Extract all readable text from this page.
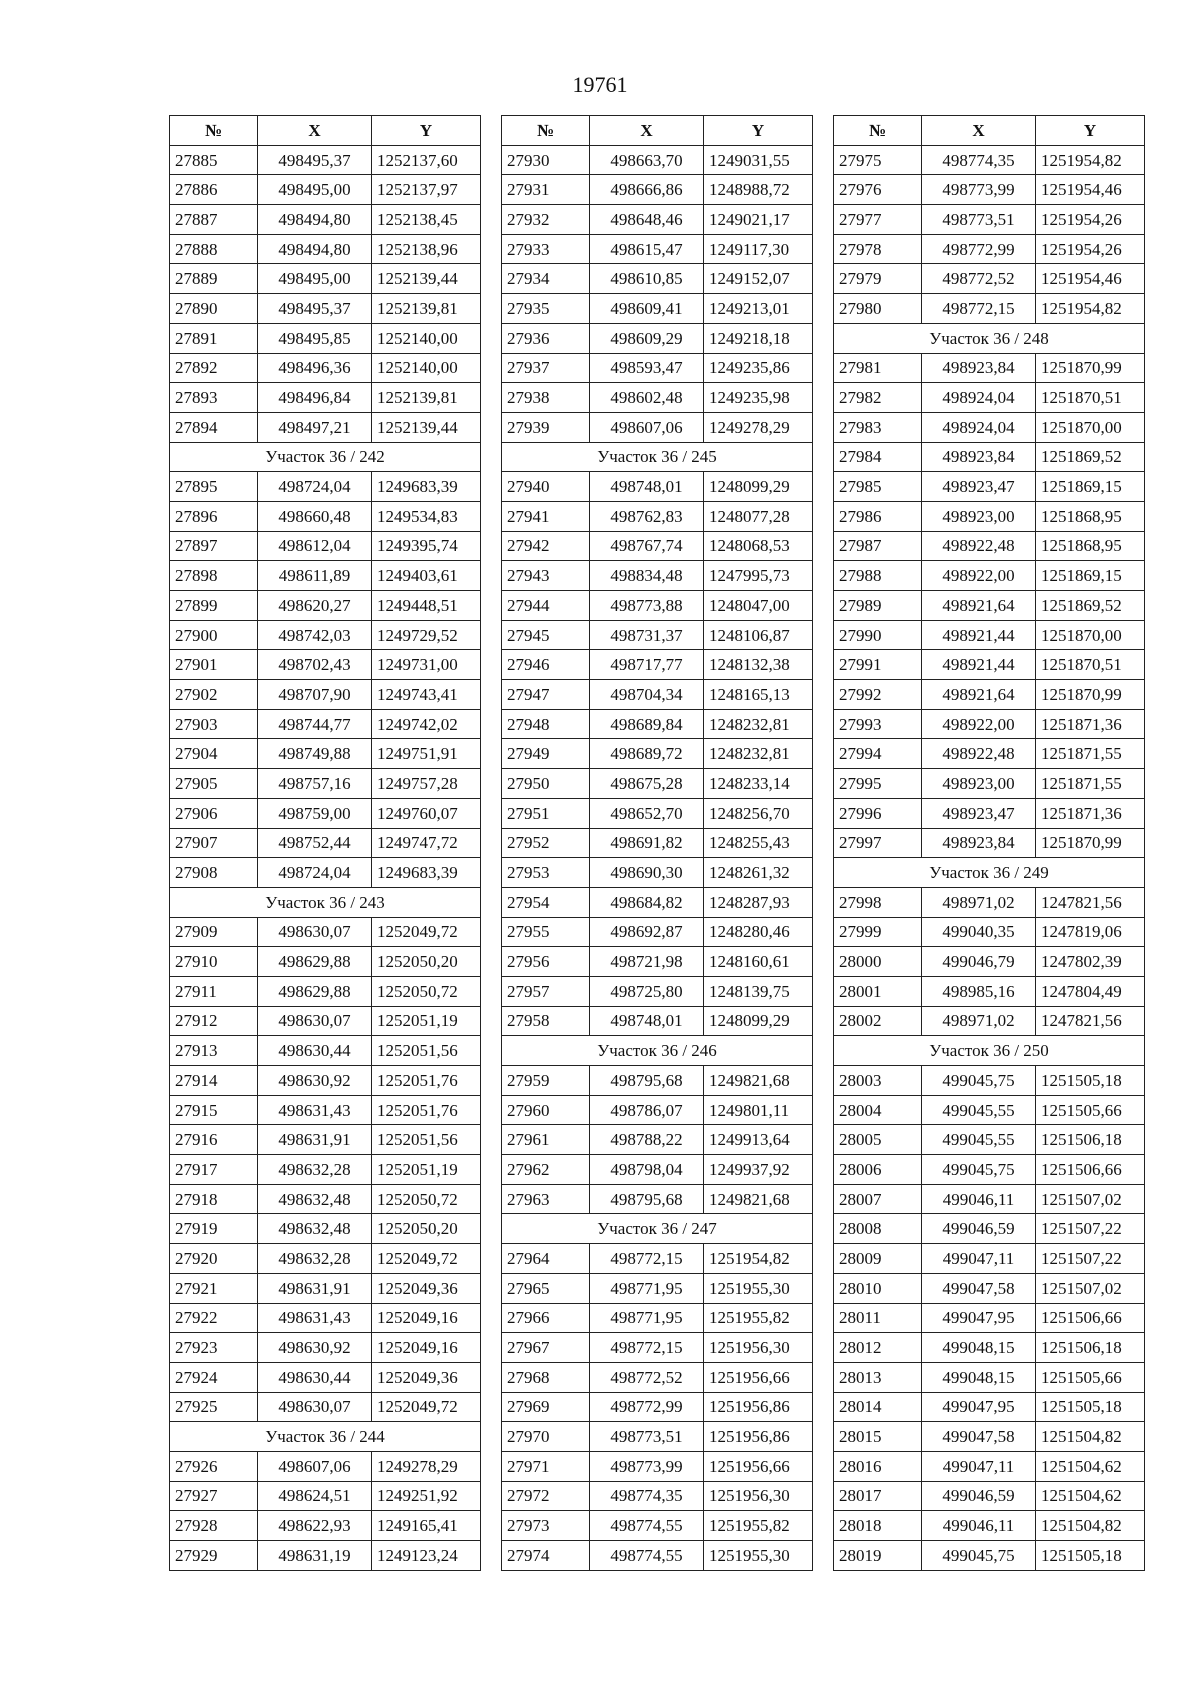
19761
№	X	Y
27885	498495,37	1252137,60
27886	498495,00	1252137,97
27887	498494,80	1252138,45
27888	498494,80	1252138,96
27889	498495,00	1252139,44
27890	498495,37	1252139,81
27891	498495,85	1252140,00
27892	498496,36	1252140,00
27893	498496,84	1252139,81
27894	498497,21	1252139,44
Участок 36 / 242		
27895	498724,04	1249683,39
27896	498660,48	1249534,83
27897	498612,04	1249395,74
27898	498611,89	1249403,61
27899	498620,27	1249448,51
27900	498742,03	1249729,52
27901	498702,43	1249731,00
27902	498707,90	1249743,41
27903	498744,77	1249742,02
27904	498749,88	1249751,91
27905	498757,16	1249757,28
27906	498759,00	1249760,07
27907	498752,44	1249747,72
27908	498724,04	1249683,39
Участок 36 / 243		
27909	498630,07	1252049,72
27910	498629,88	1252050,20
27911	498629,88	1252050,72
27912	498630,07	1252051,19
27913	498630,44	1252051,56
27914	498630,92	1252051,76
27915	498631,43	1252051,76
27916	498631,91	1252051,56
27917	498632,28	1252051,19
27918	498632,48	1252050,72
27919	498632,48	1252050,20
27920	498632,28	1252049,72
27921	498631,91	1252049,36
27922	498631,43	1252049,16
27923	498630,92	1252049,16
27924	498630,44	1252049,36
27925	498630,07	1252049,72
Участок 36 / 244		
27926	498607,06	1249278,29
27927	498624,51	1249251,92
27928	498622,93	1249165,41
27929	498631,19	1249123,24
№	X	Y
27930	498663,70	1249031,55
27931	498666,86	1248988,72
27932	498648,46	1249021,17
27933	498615,47	1249117,30
27934	498610,85	1249152,07
27935	498609,41	1249213,01
27936	498609,29	1249218,18
27937	498593,47	1249235,86
27938	498602,48	1249235,98
27939	498607,06	1249278,29
Участок 36 / 245		
27940	498748,01	1248099,29
27941	498762,83	1248077,28
27942	498767,74	1248068,53
27943	498834,48	1247995,73
27944	498773,88	1248047,00
27945	498731,37	1248106,87
27946	498717,77	1248132,38
27947	498704,34	1248165,13
27948	498689,84	1248232,81
27949	498689,72	1248232,81
27950	498675,28	1248233,14
27951	498652,70	1248256,70
27952	498691,82	1248255,43
27953	498690,30	1248261,32
27954	498684,82	1248287,93
27955	498692,87	1248280,46
27956	498721,98	1248160,61
27957	498725,80	1248139,75
27958	498748,01	1248099,29
Участок 36 / 246		
27959	498795,68	1249821,68
27960	498786,07	1249801,11
27961	498788,22	1249913,64
27962	498798,04	1249937,92
27963	498795,68	1249821,68
Участок 36 / 247		
27964	498772,15	1251954,82
27965	498771,95	1251955,30
27966	498771,95	1251955,82
27967	498772,15	1251956,30
27968	498772,52	1251956,66
27969	498772,99	1251956,86
27970	498773,51	1251956,86
27971	498773,99	1251956,66
27972	498774,35	1251956,30
27973	498774,55	1251955,82
27974	498774,55	1251955,30
№	X	Y
27975	498774,35	1251954,82
27976	498773,99	1251954,46
27977	498773,51	1251954,26
27978	498772,99	1251954,26
27979	498772,52	1251954,46
27980	498772,15	1251954,82
Участок 36 / 248		
27981	498923,84	1251870,99
27982	498924,04	1251870,51
27983	498924,04	1251870,00
27984	498923,84	1251869,52
27985	498923,47	1251869,15
27986	498923,00	1251868,95
27987	498922,48	1251868,95
27988	498922,00	1251869,15
27989	498921,64	1251869,52
27990	498921,44	1251870,00
27991	498921,44	1251870,51
27992	498921,64	1251870,99
27993	498922,00	1251871,36
27994	498922,48	1251871,55
27995	498923,00	1251871,55
27996	498923,47	1251871,36
27997	498923,84	1251870,99
Участок 36 / 249		
27998	498971,02	1247821,56
27999	499040,35	1247819,06
28000	499046,79	1247802,39
28001	498985,16	1247804,49
28002	498971,02	1247821,56
Участок 36 / 250		
28003	499045,75	1251505,18
28004	499045,55	1251505,66
28005	499045,55	1251506,18
28006	499045,75	1251506,66
28007	499046,11	1251507,02
28008	499046,59	1251507,22
28009	499047,11	1251507,22
28010	499047,58	1251507,02
28011	499047,95	1251506,66
28012	499048,15	1251506,18
28013	499048,15	1251505,66
28014	499047,95	1251505,18
28015	499047,58	1251504,82
28016	499047,11	1251504,62
28017	499046,59	1251504,62
28018	499046,11	1251504,82
28019	499045,75	1251505,18
